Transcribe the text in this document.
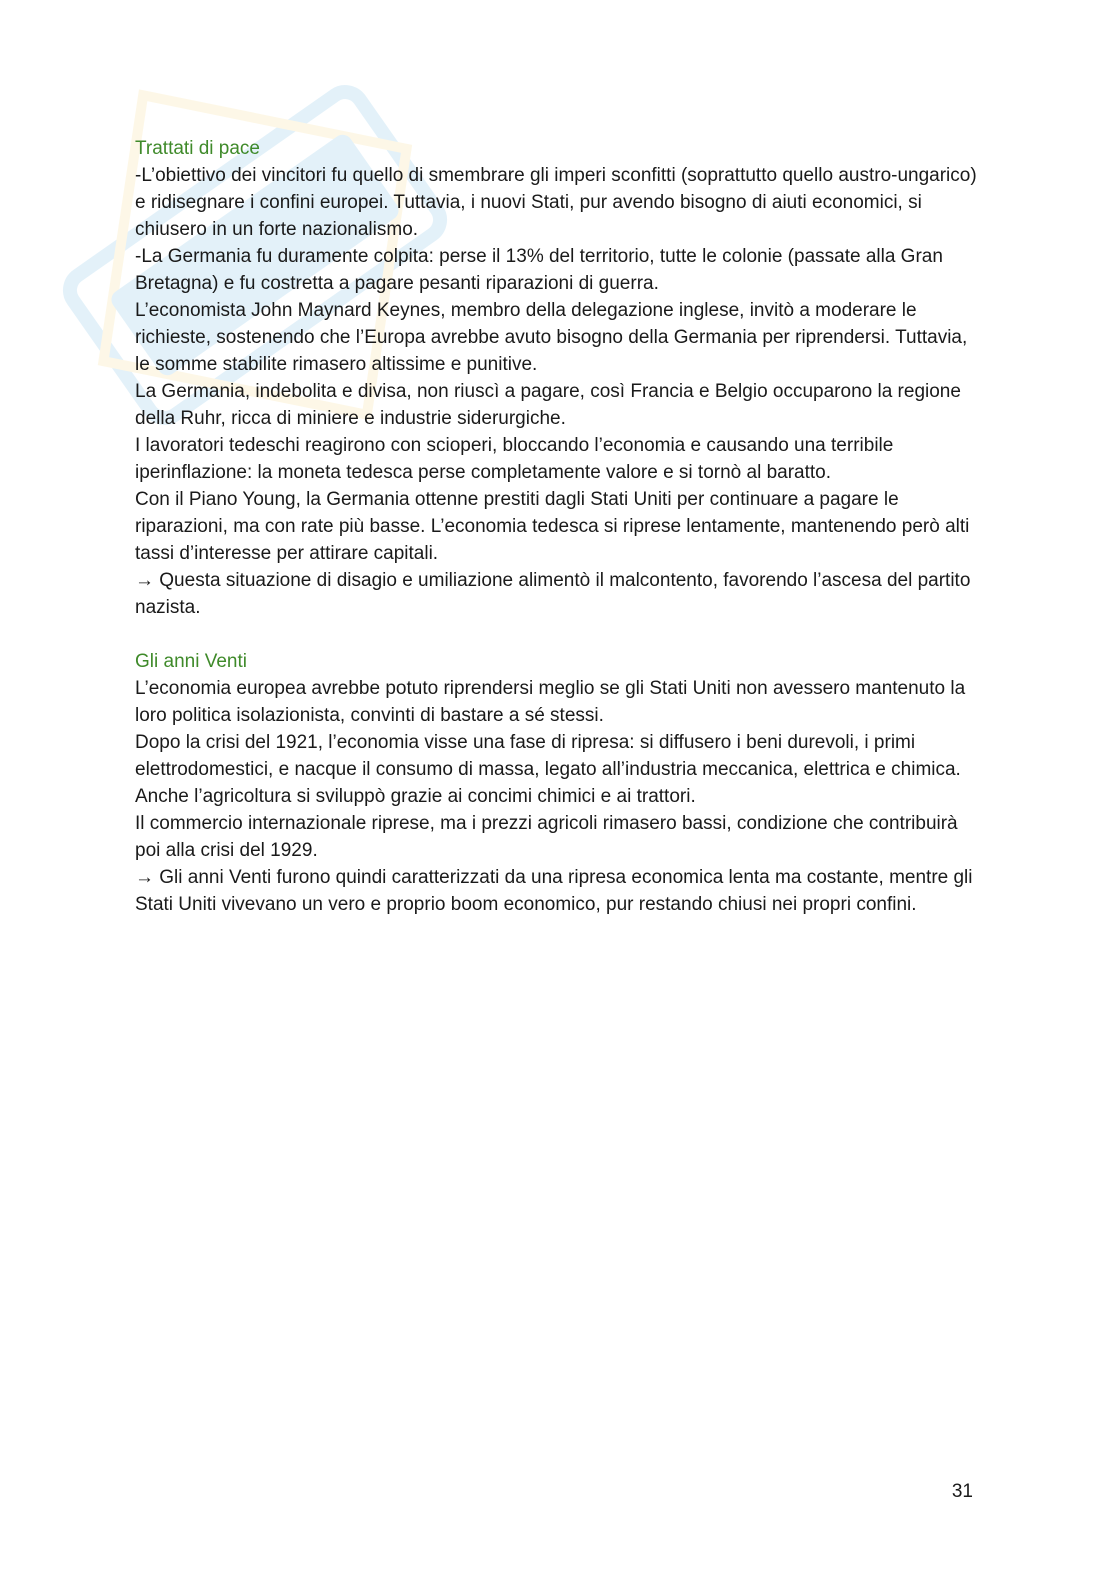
Trattati di pace

-L’obiettivo dei vincitori fu quello di smembrare gli imperi sconfitti (soprattutto quello austro-ungarico) e ridisegnare i confini europei. Tuttavia, i nuovi Stati, pur avendo bisogno di aiuti economici, si chiusero in un forte nazionalismo.

-La Germania fu duramente colpita: perse il 13% del territorio, tutte le colonie (passate alla Gran Bretagna) e fu costretta a pagare pesanti riparazioni di guerra.

L’economista John Maynard Keynes, membro della delegazione inglese, invitò a moderare le richieste, sostenendo che l’Europa avrebbe avuto bisogno della Germania per riprendersi. Tuttavia, le somme stabilite rimasero altissime e punitive.

La Germania, indebolita e divisa, non riuscì a pagare, così Francia e Belgio occuparono la regione della Ruhr, ricca di miniere e industrie siderurgiche.

I lavoratori tedeschi reagirono con scioperi, bloccando l’economia e causando una terribile iperinflazione: la moneta tedesca perse completamente valore e si tornò al baratto.

Con il Piano Young, la Germania ottenne prestiti dagli Stati Uniti per continuare a pagare le riparazioni, ma con rate più basse. L’economia tedesca si riprese lentamente, mantenendo però alti tassi d’interesse per attirare capitali.

→ Questa situazione di disagio e umiliazione alimentò il malcontento, favorendo l’ascesa del partito nazista.

Gli anni Venti

L’economia europea avrebbe potuto riprendersi meglio se gli Stati Uniti non avessero mantenuto la loro politica isolazionista, convinti di bastare a sé stessi.

Dopo la crisi del 1921, l’economia visse una fase di ripresa: si diffusero i beni durevoli, i primi elettrodomestici, e nacque il consumo di massa, legato all’industria meccanica, elettrica e chimica.

Anche l’agricoltura si sviluppò grazie ai concimi chimici e ai trattori.

Il commercio internazionale riprese, ma i prezzi agricoli rimasero bassi, condizione che contribuirà poi alla crisi del 1929.

→ Gli anni Venti furono quindi caratterizzati da una ripresa economica lenta ma costante, mentre gli Stati Uniti vivevano un vero e proprio boom economico, pur restando chiusi nei propri confini.

31
